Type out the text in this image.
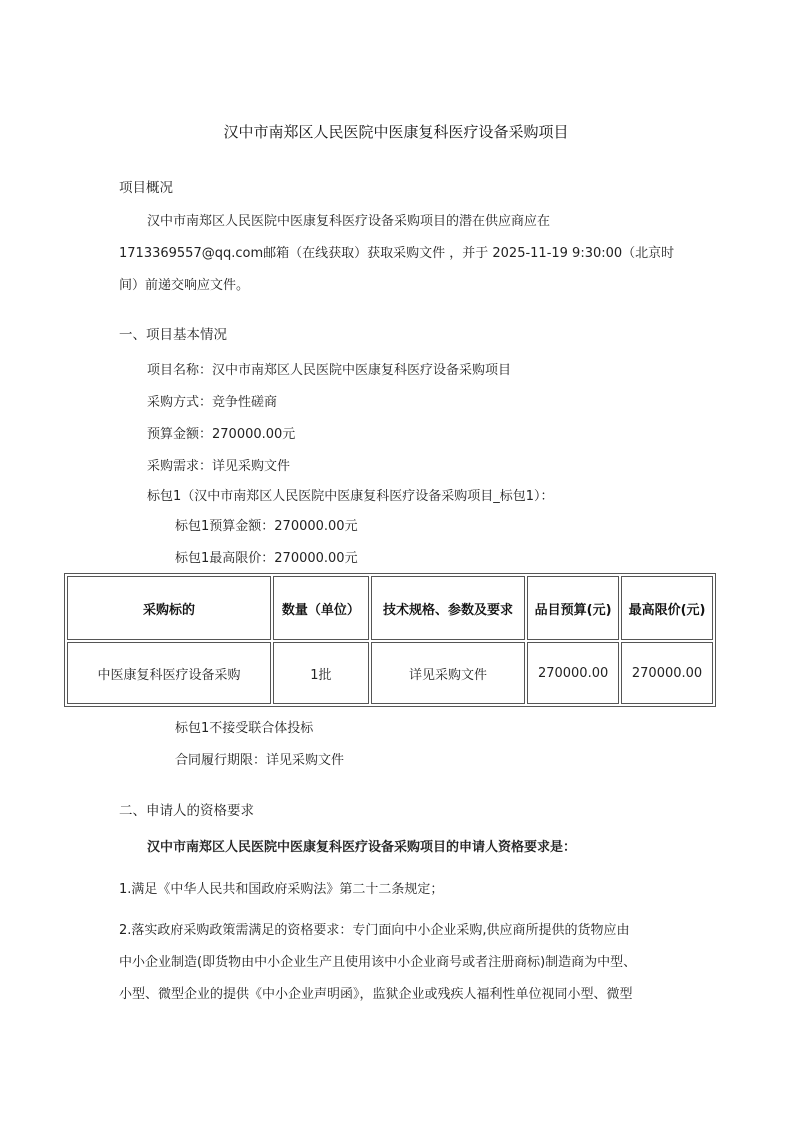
汉中市南郑区人民医院中医康复科医疗设备采购项目
项目概况
汉中市南郑区人民医院中医康复科医疗设备采购项目的潜在供应商应在
1713369557@qq.com邮箱（在线获取）获取采购文件 ，并于 2025-11-19 9:30:00（北京时
间）前递交响应文件。
一、项目基本情况
项目名称：汉中市南郑区人民医院中医康复科医疗设备采购项目
采购方式：竞争性磋商
预算金额：270000.00元
采购需求：详见采购文件
标包1（汉中市南郑区人民医院中医康复科医疗设备采购项目_标包1）：
标包1预算金额：270000.00元
标包1最高限价：270000.00元
采购标的	数量（单位）	技术规格、参数及要求	品目预算(元)	最高限价(元)
中医康复科医疗设备采购	1批	详见采购文件	270000.00	270000.00
标包1不接受联合体投标
合同履行期限：详见采购文件
二、申请人的资格要求
汉中市南郑区人民医院中医康复科医疗设备采购项目的申请人资格要求是：
1.满足《中华人民共和国政府采购法》第二十二条规定；
2.落实政府采购政策需满足的资格要求：专门面向中小企业采购,供应商所提供的货物应由
中小企业制造(即货物由中小企业生产且使用该中小企业商号或者注册商标)制造商为中型、
小型、微型企业的提供《中小企业声明函》，监狱企业或残疾人福利性单位视同小型、微型
